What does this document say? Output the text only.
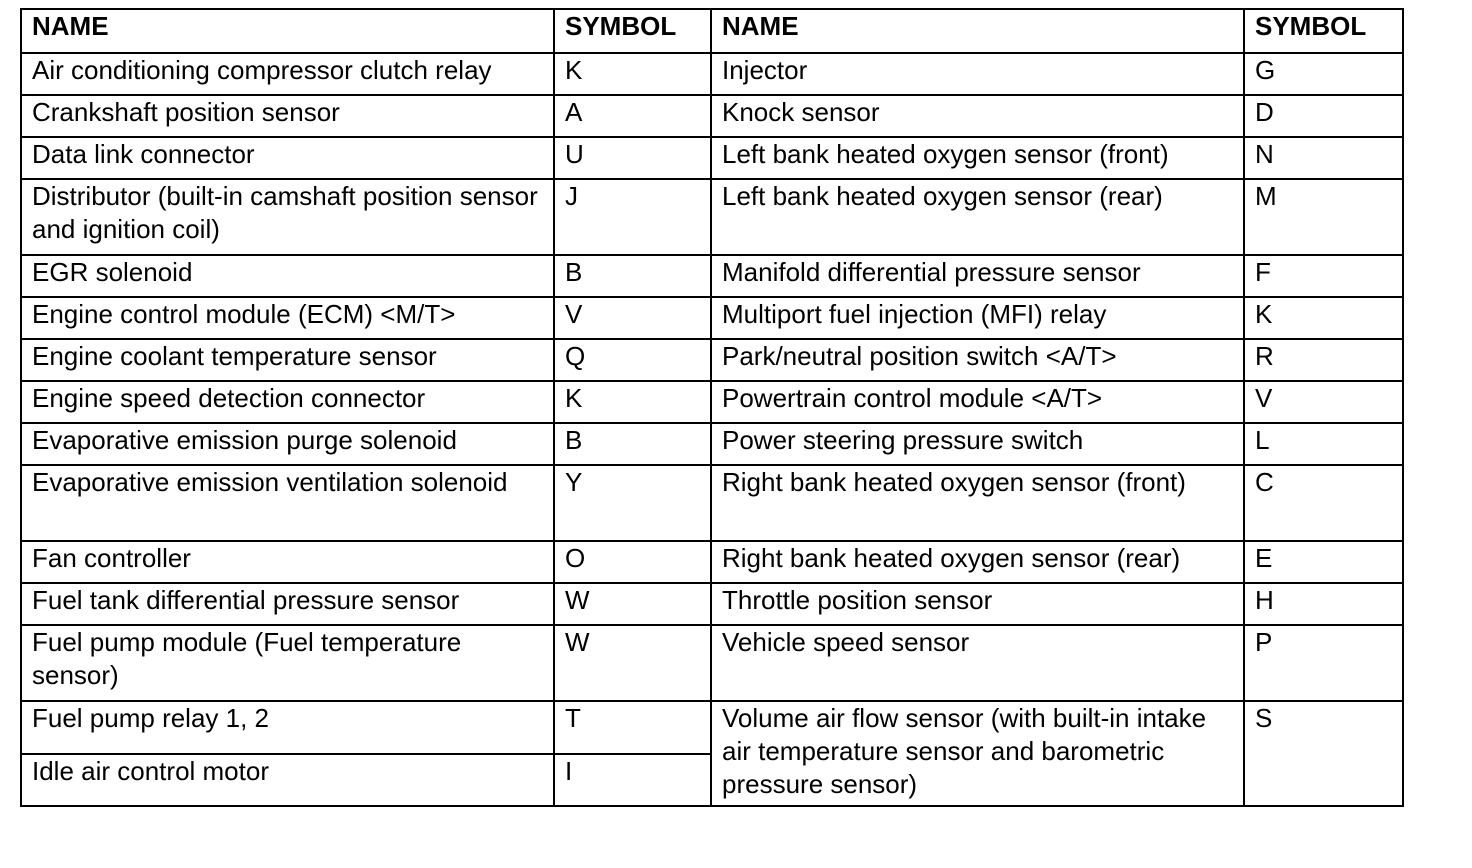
NAME	SYMBOL	NAME	SYMBOL
Air conditioning compressor clutch relay	K	Injector	G
Crankshaft position sensor	A	Knock sensor	D
Data link connector	U	Left bank heated oxygen sensor (front)	N
Distributor (built-in camshaft position sensor and ignition coil)	J	Left bank heated oxygen sensor (rear)	M
EGR solenoid	B	Manifold differential pressure sensor	F
Engine control module (ECM) <M/T>	V	Multiport fuel injection (MFI) relay	K
Engine coolant temperature sensor	Q	Park/neutral position switch <A/T>	R
Engine speed detection connector	K	Powertrain control module <A/T>	V
Evaporative emission purge solenoid	B	Power steering pressure switch	L
Evaporative emission ventilation solenoid	Y	Right bank heated oxygen sensor (front)	C
Fan controller	O	Right bank heated oxygen sensor (rear)	E
Fuel tank differential pressure sensor	W	Throttle position sensor	H
Fuel pump module (Fuel temperature sensor)	W	Vehicle speed sensor	P
Fuel pump relay 1, 2	T	Volume air flow sensor (with built-in intake air temperature sensor and barometric pressure sensor)	S
Idle air control motor	I		
